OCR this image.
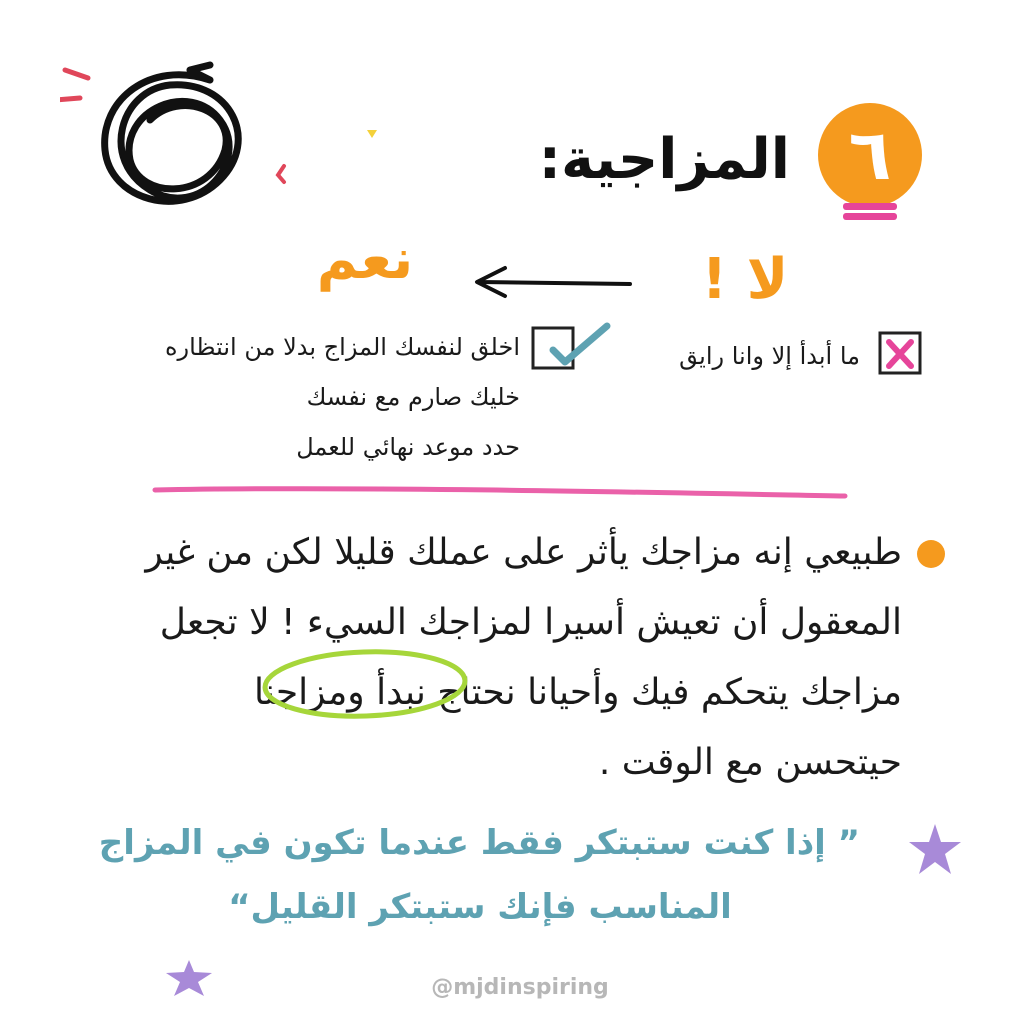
المزاجية: ٦
نعم	لا !
ما أبدأ إلا وانا رايق
اخلق لنفسك المزاج بدلا من انتظاره
خليك صارم مع نفسك
حدد موعد نهائي للعمل
طبيعي إنه مزاجك يأثر على عملك قليلا لكن من غير
المعقول أن تعيش أسيرا لمزاجك السيء ! لا تجعل
مزاجك يتحكم فيك وأحيانا نحتاج نبدأ ومزاجنا
حيتحسن مع الوقت .
” إذا كنت ستبتكر فقط عندما تكون في المزاج
المناسب فإنك ستبتكر القليل“
@mjdinspiring
